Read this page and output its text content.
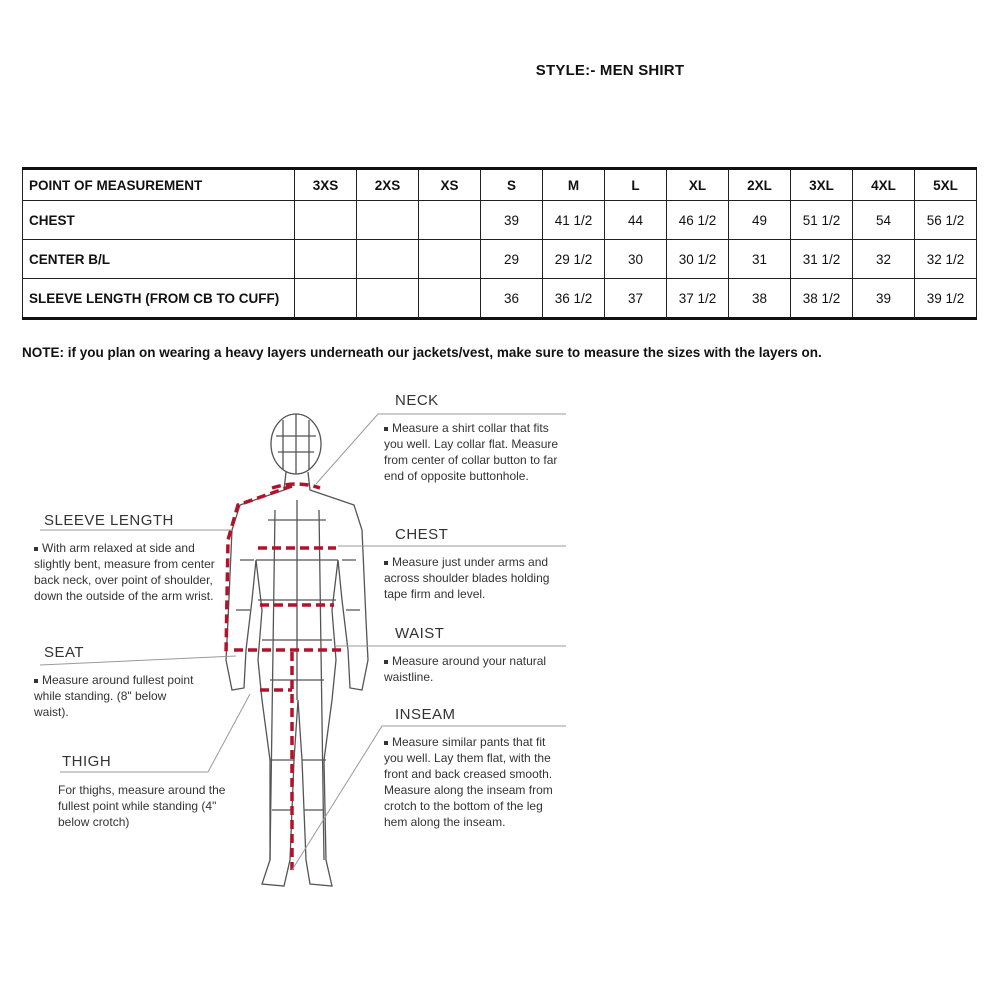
STYLE:- MEN SHIRT
POINT OF MEASUREMENT	3XS	2XS	XS	S	M	L	XL	2XL	3XL	4XL	5XL
CHEST				39	41 1/2	44	46 1/2	49	51 1/2	54	56 1/2
CENTER B/L				29	29 1/2	30	30 1/2	31	31 1/2	32	32 1/2
SLEEVE LENGTH (FROM CB TO CUFF)				36	36 1/2	37	37 1/2	38	38 1/2	39	39 1/2
NOTE: if you plan on wearing a heavy layers underneath our jackets/vest, make sure to measure the sizes with the layers on.
NECK
Measure a shirt collar that fits you well. Lay collar flat. Measure from center of collar button to far end of opposite buttonhole.
CHEST
Measure just under arms and across shoulder blades holding tape firm and level.
WAIST
Measure around your natural waistline.
INSEAM
Measure similar pants that fit you well. Lay them flat, with the front and back creased smooth. Measure along the inseam from crotch to the bottom of the leg hem along the inseam.
SLEEVE LENGTH
With arm relaxed at side and slightly bent, measure from center back neck, over point of shoulder, down the outside of the arm wrist.
SEAT
Measure around fullest point while standing. (8" below waist).
THIGH
For thighs, measure around the fullest point while standing (4" below crotch)
